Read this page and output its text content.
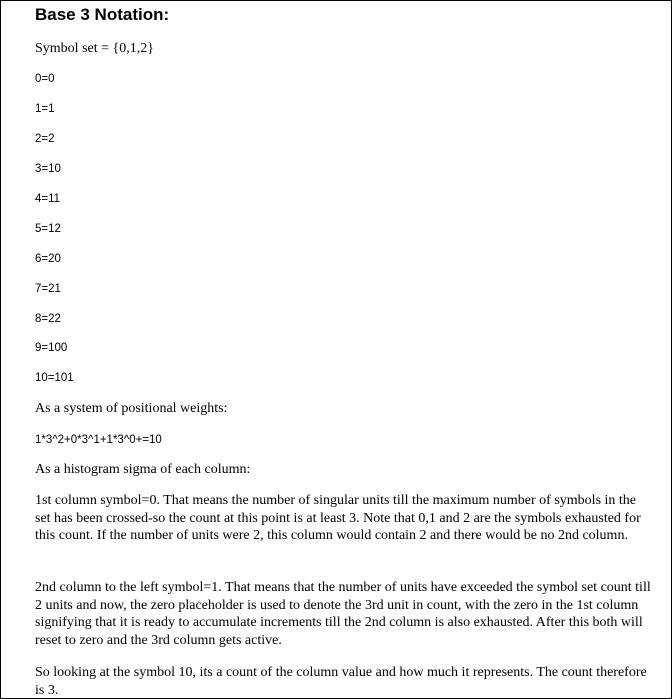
Base 3 Notation:

Symbol set = {0,1,2}

0=0

1=1

2=2

3=10

4=11

5=12

6=20

7=21

8=22

9=100

10=101

As a system of positional weights:

1*3^2+0*3^1+1*3^0+=10

As a histogram sigma of each column:

1st column symbol=0. That means the number of singular units till the maximum number of symbols in the set has been crossed-so the count at this point is at least 3. Note that 0,1 and 2 are the symbols exhausted for this count. If the number of units were 2, this column would contain 2 and there would be no 2nd column.

2nd column to the left symbol=1. That means that the number of units have exceeded the symbol set count till 2 units and now, the zero placeholder is used to denote the 3rd unit in count, with the zero in the 1st column signifying that it is ready to accumulate increments till the 2nd column is also exhausted. After this both will reset to zero and the 3rd column gets active.

So looking at the symbol 10, its a count of the column value and how much it represents. The count therefore is 3.
